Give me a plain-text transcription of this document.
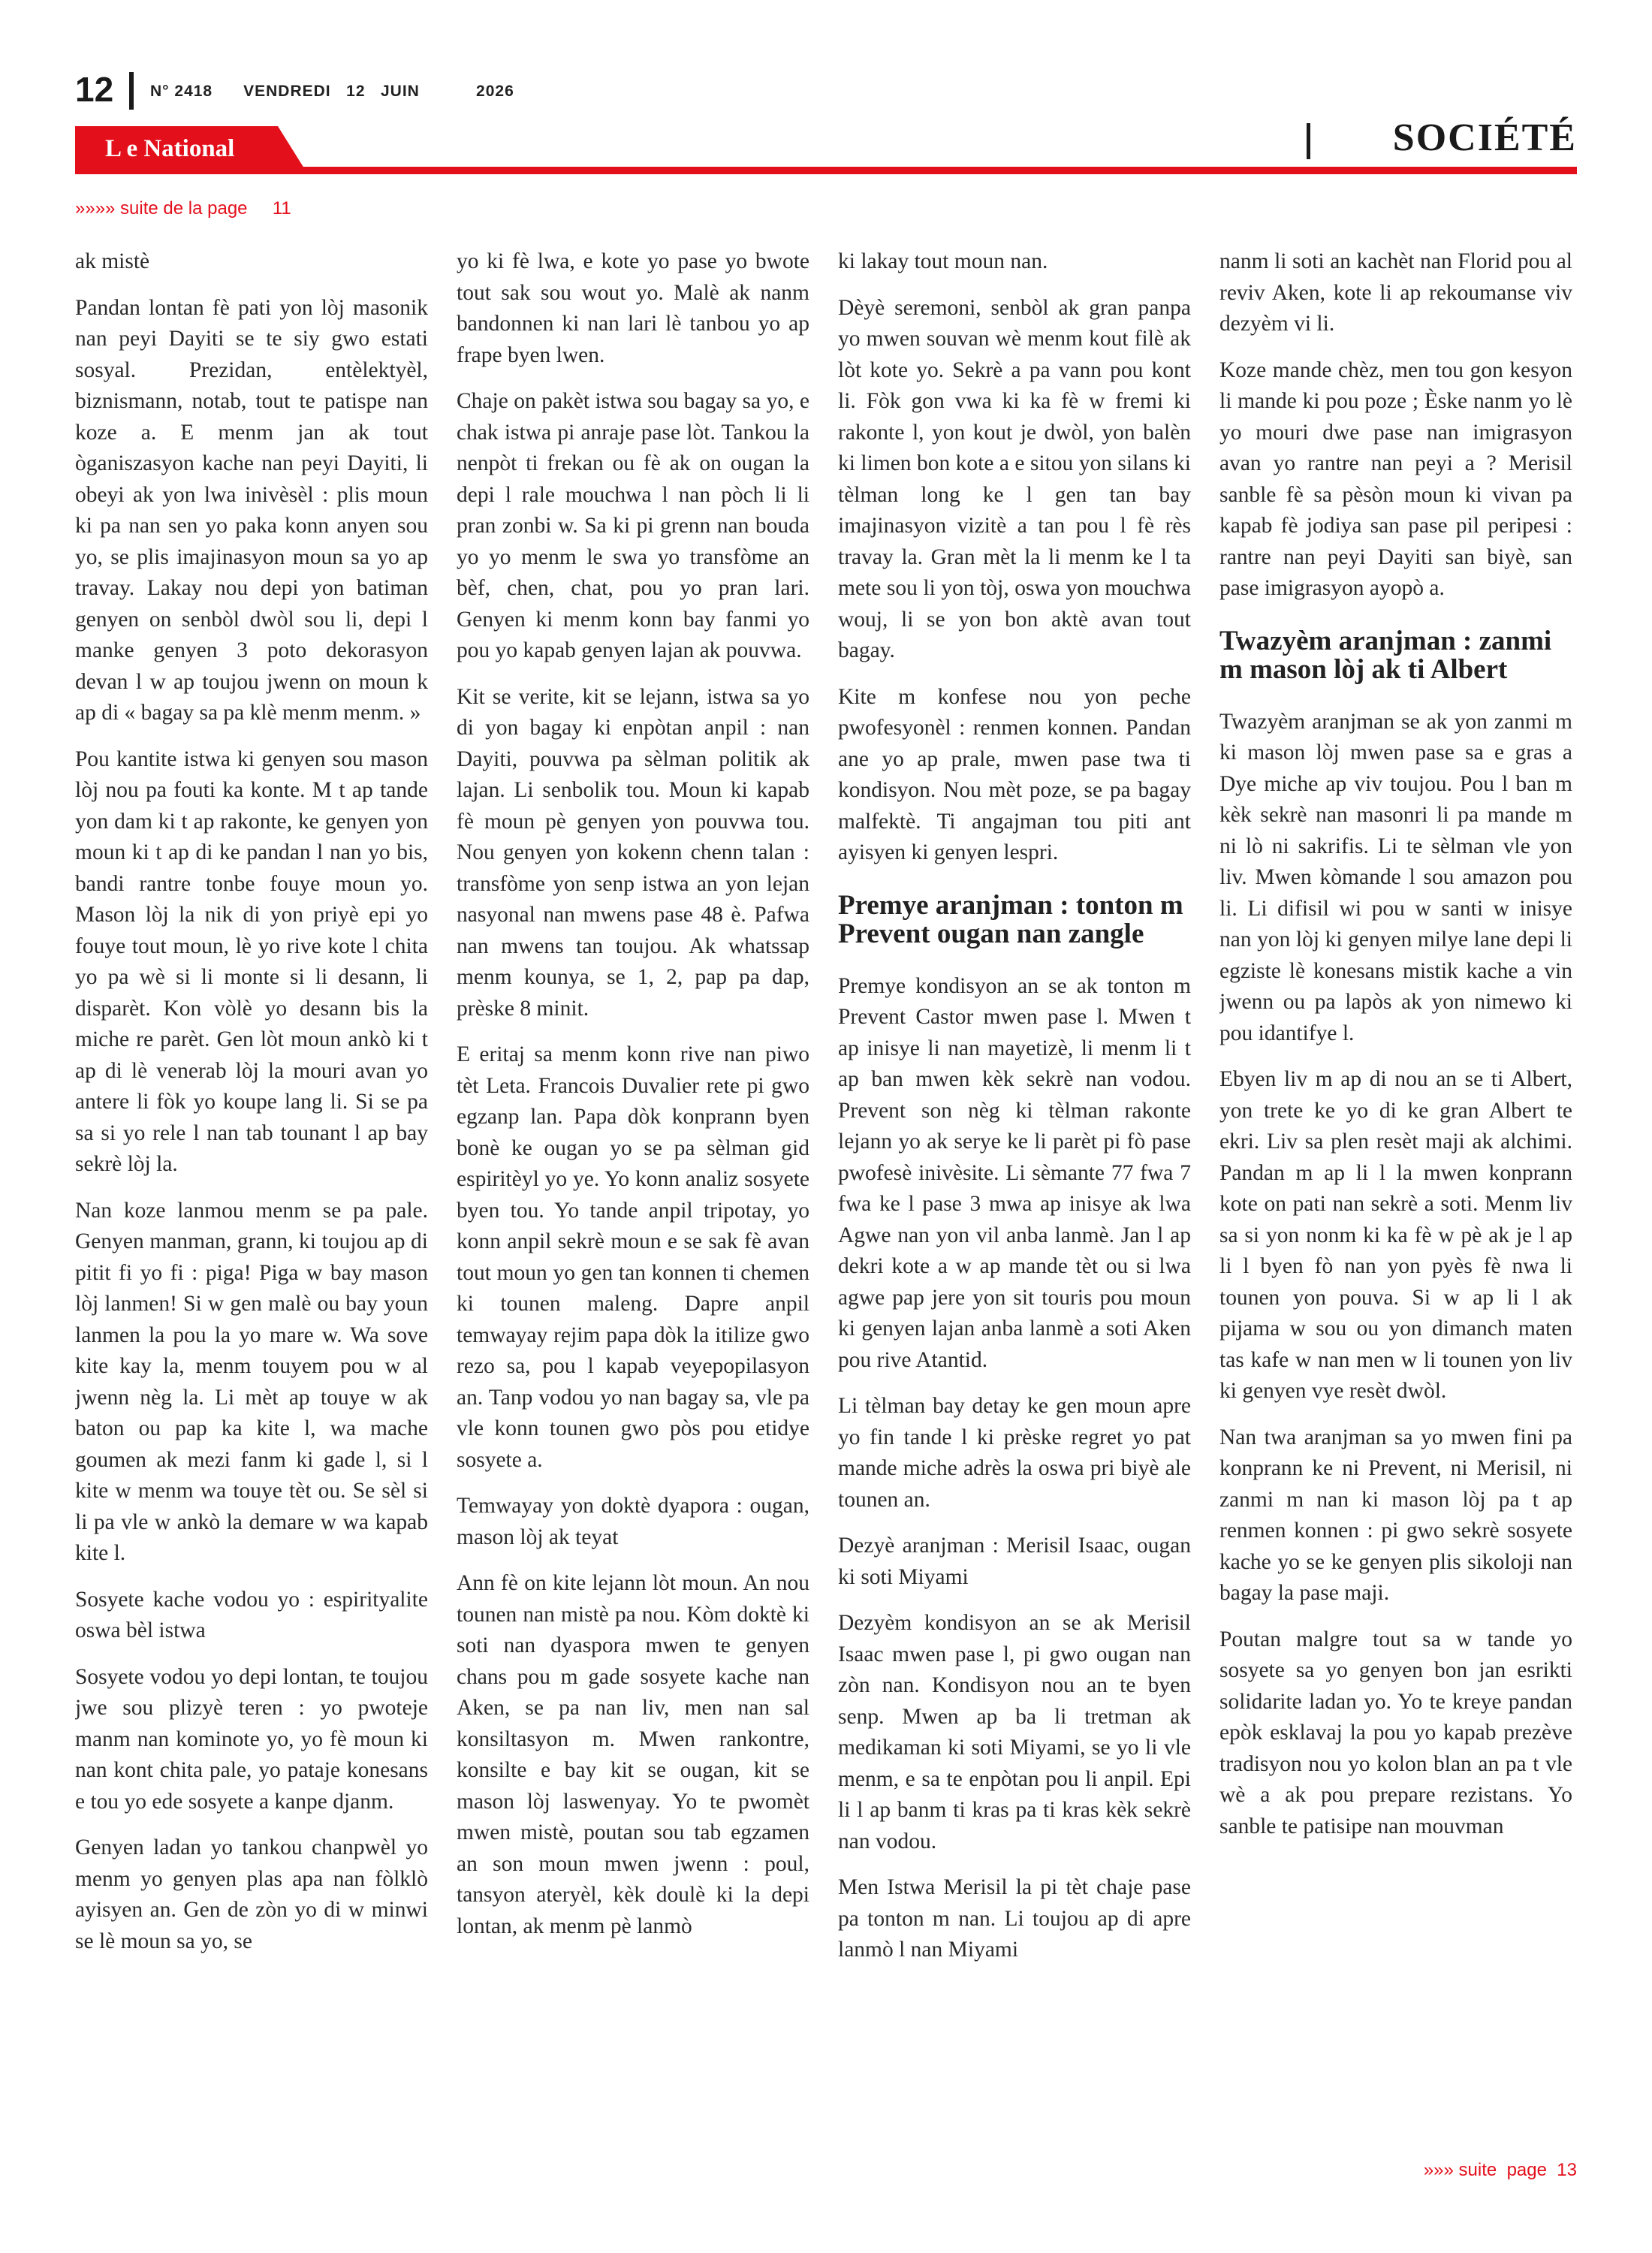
12 N° 2418      VENDREDI   12   JUIN           2026
L e National	SOCIÉTÉ
»»»» suite de la page     11

ak mistè

Pandan lontan fè pati yon lòj masonik nan peyi Dayiti se te siy gwo estati sosyal. Prezidan, entèlektyèl, biznismann, notab, tout te patispe nan koze a. E menm jan ak tout òganiszasyon kache nan peyi Dayiti, li obeyi ak yon lwa inivèsèl : plis moun ki pa nan sen yo paka konn anyen sou yo, se plis imajinasyon moun sa yo ap travay. Lakay nou depi yon batiman genyen on senbòl dwòl sou li, depi l manke genyen 3 poto dekorasyon devan l w ap toujou jwenn on moun k ap di « bagay sa pa klè menm menm. »

Pou kantite istwa ki genyen sou mason lòj nou pa fouti ka konte. M t ap tande yon dam ki t ap rakonte, ke genyen yon moun ki t ap di ke pandan l nan yo bis, bandi rantre tonbe fouye moun yo. Mason lòj la nik di yon priyè epi yo fouye tout moun, lè yo rive kote l chita yo pa wè si li monte si li desann, li disparèt. Kon vòlè yo desann bis la miche re parèt. Gen lòt moun ankò ki t ap di lè venerab lòj la mouri avan yo antere li fòk yo koupe lang li. Si se pa sa si yo rele l nan tab tounant l ap bay sekrè lòj la.

Nan koze lanmou menm se pa pale. Genyen manman, grann, ki toujou ap di pitit fi yo fi : piga! Piga w bay mason lòj lanmen! Si w gen malè ou bay youn lanmen la pou la yo mare w. Wa sove kite kay la, menm touyem pou w al jwenn nèg la. Li mèt ap touye w ak baton ou pap ka kite l, wa mache goumen ak mezi fanm ki gade l, si l kite w menm wa touye tèt ou. Se sèl si li pa vle w ankò la demare w wa kapab kite l.

Sosyete kache vodou yo : espirityalite oswa bèl istwa

Sosyete vodou yo depi lontan, te toujou jwe sou plizyè teren : yo pwoteje manm nan kominote yo, yo fè moun ki nan kont chita pale, yo pataje konesans e tou yo ede sosyete a kanpe djanm.

Genyen ladan yo tankou chanpwèl yo menm yo genyen plas apa nan fòlklò ayisyen an. Gen de zòn yo di w minwi se lè moun sa yo, se

yo ki fè lwa, e kote yo pase yo bwote tout sak sou wout yo. Malè ak nanm bandonnen ki nan lari lè tanbou yo ap frape byen lwen.

Chaje on pakèt istwa sou bagay sa yo, e chak istwa pi anraje pase lòt. Tankou la nenpòt ti frekan ou fè ak on ougan la depi l rale mouchwa l nan pòch li li pran zonbi w. Sa ki pi grenn nan bouda yo yo menm le swa yo transfòme an bèf, chen, chat, pou yo pran lari. Genyen ki menm konn bay fanmi yo pou yo kapab genyen lajan ak pouvwa.

Kit se verite, kit se lejann, istwa sa yo di yon bagay ki enpòtan anpil : nan Dayiti, pouvwa pa sèlman politik ak lajan. Li senbolik tou. Moun ki kapab fè moun pè genyen yon pouvwa tou. Nou genyen yon kokenn chenn talan : transfòme yon senp istwa an yon lejan nasyonal nan mwens pase 48 è. Pafwa nan mwens tan toujou. Ak whatssap menm kounya, se 1, 2, pap pa dap, prèske 8 minit.

E eritaj sa menm konn rive nan piwo tèt Leta. Francois Duvalier rete pi gwo egzanp lan. Papa dòk konprann byen bonè ke ougan yo se pa sèlman gid espiritèyl yo ye. Yo konn analiz sosyete byen tou. Yo tande anpil tripotay, yo konn anpil sekrè moun e se sak fè avan tout moun yo gen tan konnen ti chemen ki tounen maleng. Dapre anpil temwayay rejim papa dòk la itilize gwo rezo sa, pou l kapab veyepopilasyon an. Tanp vodou yo nan bagay sa, vle pa vle konn tounen gwo pòs pou etidye sosyete a.

Temwayay yon doktè dyapora : ougan, mason lòj ak teyat

Ann fè on kite lejann lòt moun. An nou tounen nan mistè pa nou. Kòm doktè ki soti nan dyaspora mwen te genyen chans pou m gade sosyete kache nan Aken, se pa nan liv, men nan sal konsiltasyon m. Mwen rankontre, konsilte e bay kit se ougan, kit se mason lòj laswenyay. Yo te pwomèt mwen mistè, poutan sou tab egzamen an son moun mwen jwenn : poul, tansyon ateryèl, kèk doulè ki la depi lontan, ak menm pè lanmò

ki lakay tout moun nan.

Dèyè seremoni, senbòl ak gran panpa yo mwen souvan wè menm kout filè ak lòt kote yo. Sekrè a pa vann pou kont li. Fòk gon vwa ki ka fè w fremi ki rakonte l, yon kout je dwòl, yon balèn ki limen bon kote a e sitou yon silans ki tèlman long ke l gen tan bay imajinasyon vizitè a tan pou l fè rès travay la. Gran mèt la li menm ke l ta mete sou li yon tòj, oswa yon mouchwa wouj, li se yon bon aktè avan tout bagay.

Kite m konfese nou yon peche pwofesyonèl : renmen konnen. Pandan ane yo ap prale, mwen pase twa ti kondisyon. Nou mèt poze, se pa bagay malfektè. Ti angajman tou piti ant ayisyen ki genyen lespri.

Premye aranjman : tonton m Prevent ougan nan zangle

Premye kondisyon an se ak tonton m Prevent Castor mwen pase l. Mwen t ap inisye li nan mayetizè, li menm li t ap ban mwen kèk sekrè nan vodou. Prevent son nèg ki tèlman rakonte lejann yo ak serye ke li parèt pi fò pase pwofesè inivèsite. Li sèmante 77 fwa 7 fwa ke l pase 3 mwa ap inisye ak lwa Agwe nan yon vil anba lanmè. Jan l ap dekri kote a w ap mande tèt ou si lwa agwe pap jere yon sit touris pou moun ki genyen lajan anba lanmè a soti Aken pou rive Atantid.

Li tèlman bay detay ke gen moun apre yo fin tande l ki prèske regret yo pat mande miche adrès la oswa pri biyè ale tounen an.

Dezyè aranjman : Merisil Isaac, ougan ki soti Miyami

Dezyèm kondisyon an se ak Merisil Isaac mwen pase l, pi gwo ougan nan zòn nan. Kondisyon nou an te byen senp. Mwen ap ba li tretman ak medikaman ki soti Miyami, se yo li vle menm, e sa te enpòtan pou li anpil. Epi li l ap banm ti kras pa ti kras kèk sekrè nan vodou.

Men Istwa Merisil la pi tèt chaje pase pa tonton m nan. Li toujou ap di apre lanmò l nan Miyami

nanm li soti an kachèt nan Florid pou al reviv Aken, kote li ap rekoumanse viv dezyèm vi li.

Koze mande chèz, men tou gon kesyon li mande ki pou poze ; Èske nanm yo lè yo mouri dwe pase nan imigrasyon avan yo rantre nan peyi a ? Merisil sanble fè sa pèsòn moun ki vivan pa kapab fè jodiya san pase pil peripesi : rantre nan peyi Dayiti san biyè, san pase imigrasyon ayopò a.

Twazyèm aranjman : zanmi m mason lòj ak ti Albert

Twazyèm aranjman se ak yon zanmi m ki mason lòj mwen pase sa e gras a Dye miche ap viv toujou. Pou l ban m kèk sekrè nan masonri li pa mande m ni lò ni sakrifis. Li te sèlman vle yon liv. Mwen kòmande l sou amazon pou li. Li difisil wi pou w santi w inisye nan yon lòj ki genyen milye lane depi li egziste lè konesans mistik kache a vin jwenn ou pa lapòs ak yon nimewo ki pou idantifye l.

Ebyen liv m ap di nou an se ti Albert, yon trete ke yo di ke gran Albert te ekri. Liv sa plen resèt maji ak alchimi. Pandan m ap li l la mwen konprann kote on pati nan sekrè a soti. Menm liv sa si yon nonm ki ka fè w pè ak je l ap li l byen fò nan yon pyès fè nwa li tounen yon pouva. Si w ap li l ak pijama w sou ou yon dimanch maten tas kafe w nan men w li tounen yon liv ki genyen vye resèt dwòl.

Nan twa aranjman sa yo mwen fini pa konprann ke ni Prevent, ni Merisil, ni zanmi m nan ki mason lòj pa t ap renmen konnen : pi gwo sekrè sosyete kache yo se ke genyen plis sikoloji nan bagay la pase maji.

Poutan malgre tout sa w tande yo sosyete sa yo genyen bon jan esrikti solidarite ladan yo. Yo te kreye pandan epòk esklavaj la pou yo kapab prezève tradisyon nou yo kolon blan an pa t vle wè a ak pou prepare rezistans. Yo sanble te patisipe nan mouvman

»»» suite  page  13
